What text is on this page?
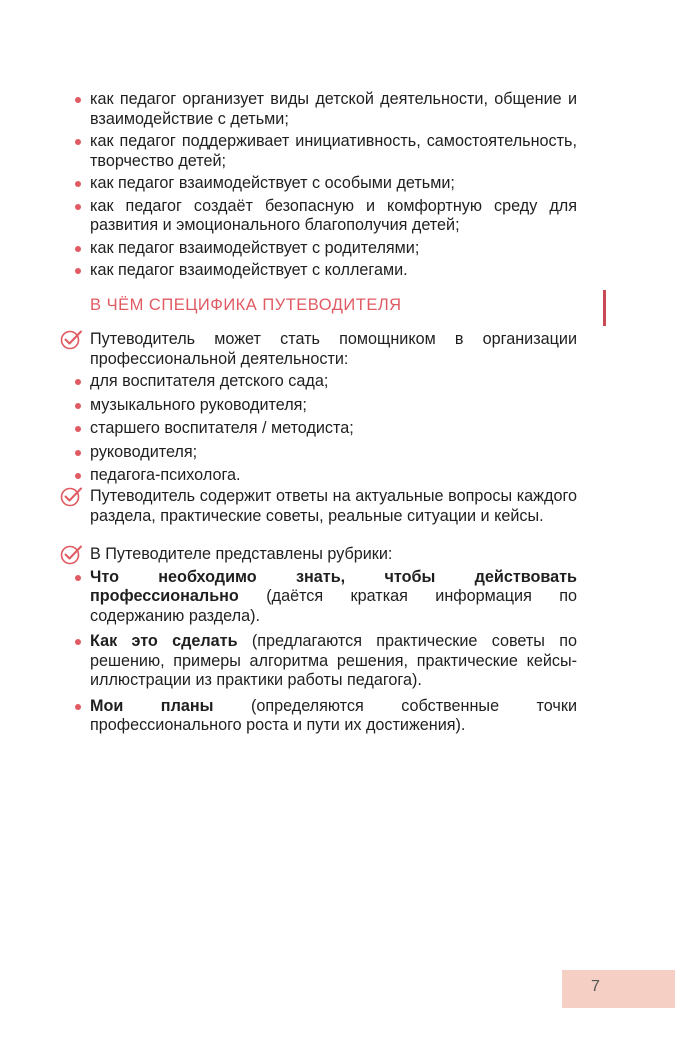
как педагог организует виды детской деятельности, общение и взаимодействие с детьми;
как педагог поддерживает инициативность, самостоятельность, творчество детей;
как педагог взаимодействует с особыми детьми;
как педагог создаёт безопасную и комфортную среду для развития и эмоционального благополучия детей;
как педагог взаимодействует с родителями;
как педагог взаимодействует с коллегами.
В ЧЁМ СПЕЦИФИКА ПУТЕВОДИТЕЛЯ
Путеводитель может стать помощником в организации профессиональной деятельности:
для воспитателя детского сада;
музыкального руководителя;
старшего воспитателя / методиста;
руководителя;
педагога-психолога.
Путеводитель содержит ответы на актуальные вопросы каждого раздела, практические советы, реальные ситуации и кейсы.
В Путеводителе представлены рубрики:
Что необходимо знать, чтобы действовать профессионально (даётся краткая информация по содержанию раздела).
Как это сделать (предлагаются практические советы по решению, примеры алгоритма решения, практические кейсы-иллюстрации из практики работы педагога).
Мои планы (определяются собственные точки профессионального роста и пути их достижения).
7
